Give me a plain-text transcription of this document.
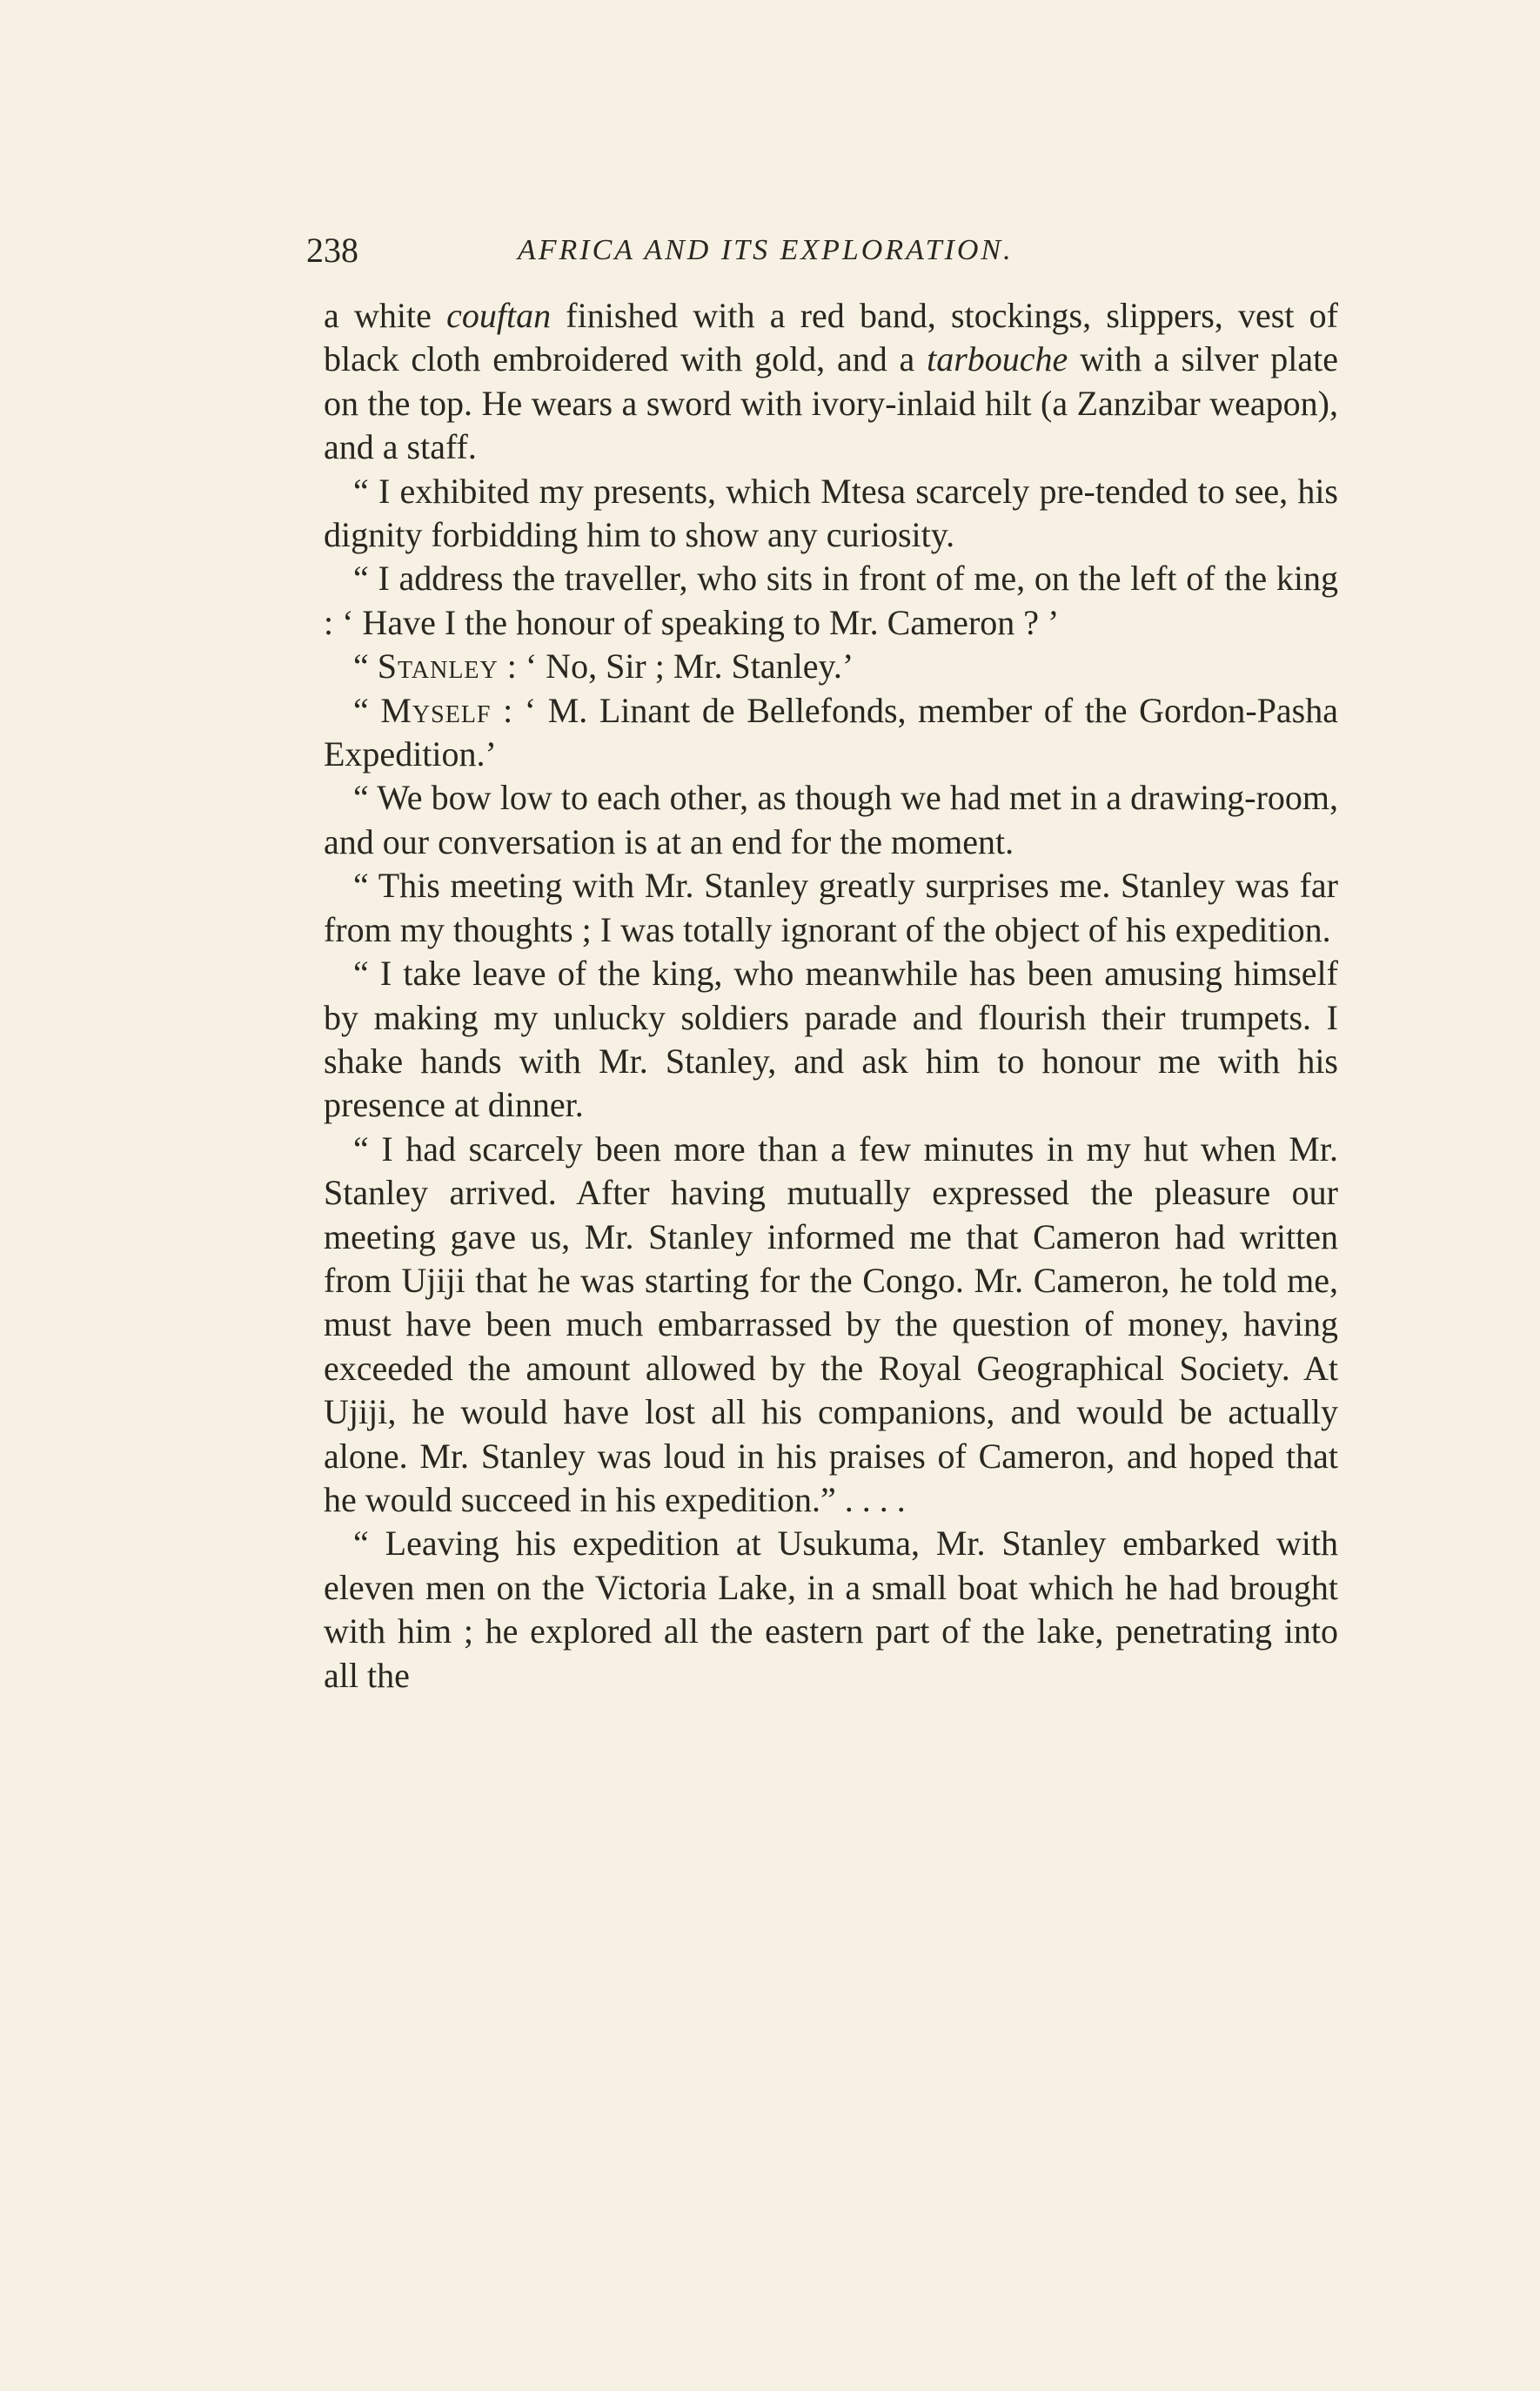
238	AFRICA AND ITS EXPLORATION.

a white couftan finished with a red band, stockings, slippers, vest of black cloth embroidered with gold, and a tarbouche with a silver plate on the top. He wears a sword with ivory-inlaid hilt (a Zanzibar weapon), and a staff.

“ I exhibited my presents, which Mtesa scarcely pre-tended to see, his dignity forbidding him to show any curiosity.

“ I address the traveller, who sits in front of me, on the left of the king : ‘ Have I the honour of speaking to Mr. Cameron ? ’

“ Stanley : ‘ No, Sir ; Mr. Stanley.’

“ Myself : ‘ M. Linant de Bellefonds, member of the Gordon-Pasha Expedition.’

“ We bow low to each other, as though we had met in a drawing-room, and our conversation is at an end for the moment.

“ This meeting with Mr. Stanley greatly surprises me. Stanley was far from my thoughts ; I was totally ignorant of the object of his expedition.

“ I take leave of the king, who meanwhile has been amusing himself by making my unlucky soldiers parade and flourish their trumpets. I shake hands with Mr. Stanley, and ask him to honour me with his presence at dinner.

“ I had scarcely been more than a few minutes in my hut when Mr. Stanley arrived. After having mutually expressed the pleasure our meeting gave us, Mr. Stanley informed me that Cameron had written from Ujiji that he was starting for the Congo. Mr. Cameron, he told me, must have been much embarrassed by the question of money, having exceeded the amount allowed by the Royal Geographical Society. At Ujiji, he would have lost all his companions, and would be actually alone. Mr. Stanley was loud in his praises of Cameron, and hoped that he would succeed in his expedition.” . . . .

“ Leaving his expedition at Usukuma, Mr. Stanley embarked with eleven men on the Victoria Lake, in a small boat which he had brought with him ; he explored all the eastern part of the lake, penetrating into all the
